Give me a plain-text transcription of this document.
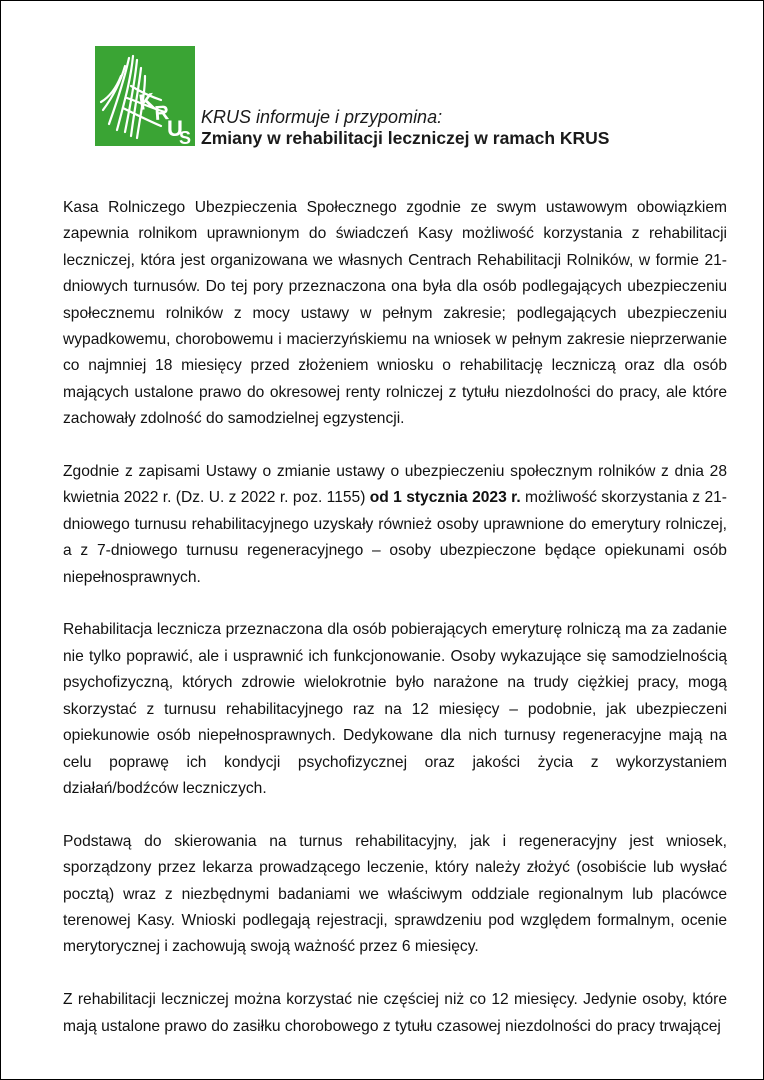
K
R
U
S
KRUS informuje i przypomina:
Zmiany w rehabilitacji leczniczej w ramach KRUS

Kasa Rolniczego Ubezpieczenia Społecznego zgodnie ze swym ustawowym obowiązkiem zapewnia rolnikom uprawnionym do świadczeń Kasy możliwość korzystania z rehabilitacji leczniczej, która jest organizowana we własnych Centrach Rehabilitacji Rolników, w formie 21-dniowych turnusów. Do tej pory przeznaczona ona była dla osób podlegających ubezpieczeniu społecznemu rolników z mocy ustawy w pełnym zakresie; podlegających ubezpieczeniu wypadkowemu, chorobowemu i macierzyńskiemu na wniosek w pełnym zakresie nieprzerwanie co najmniej 18 miesięcy przed złożeniem wniosku o rehabilitację leczniczą oraz dla osób mających ustalone prawo do okresowej renty rolniczej z tytułu niezdolności do pracy, ale które zachowały zdolność do samodzielnej egzystencji.

Zgodnie z zapisami Ustawy o zmianie ustawy o ubezpieczeniu społecznym rolników z dnia 28 kwietnia 2022 r. (Dz. U. z 2022 r. poz. 1155) od 1 stycznia 2023 r. możliwość skorzystania z 21-dniowego turnusu rehabilitacyjnego uzyskały również osoby uprawnione do emerytury rolniczej, a z 7-dniowego turnusu regeneracyjnego – osoby ubezpieczone będące opiekunami osób niepełnosprawnych.

Rehabilitacja lecznicza przeznaczona dla osób pobierających emeryturę rolniczą ma za zadanie nie tylko poprawić, ale i usprawnić ich funkcjonowanie. Osoby wykazujące się samodzielnością psychofizyczną, których zdrowie wielokrotnie było narażone na trudy ciężkiej pracy, mogą skorzystać z turnusu rehabilitacyjnego raz na 12 miesięcy – podobnie, jak ubezpieczeni opiekunowie osób niepełnosprawnych. Dedykowane dla nich turnusy regeneracyjne mają na celu poprawę ich kondycji psychofizycznej oraz jakości życia z wykorzystaniem działań/bodźców leczniczych.

Podstawą do skierowania na turnus rehabilitacyjny, jak i regeneracyjny jest wniosek, sporządzony przez lekarza prowadzącego leczenie, który należy złożyć (osobiście lub wysłać pocztą) wraz z niezbędnymi badaniami we właściwym oddziale regionalnym lub placówce terenowej Kasy. Wnioski podlegają rejestracji, sprawdzeniu pod względem formalnym, ocenie merytorycznej i zachowują swoją ważność przez 6 miesięcy.

Z rehabilitacji leczniczej można korzystać nie częściej niż co 12 miesięcy. Jedynie osoby, które mają ustalone prawo do zasiłku chorobowego z tytułu czasowej niezdolności do pracy trwającej
